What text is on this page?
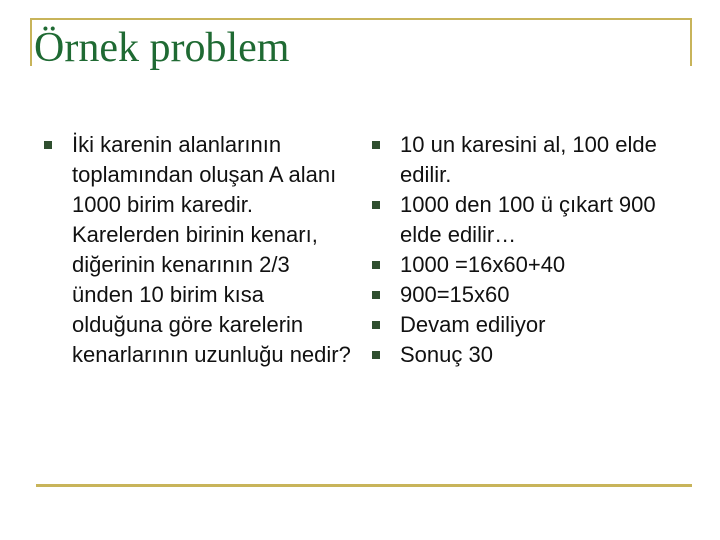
Örnek problem
İki karenin alanlarının toplamından oluşan A alanı 1000 birim karedir. Karelerden birinin kenarı, diğerinin kenarının 2/3 ünden 10 birim kısa olduğuna göre karelerin kenarlarının uzunluğu nedir?
10 un karesini al, 100 elde edilir.
1000 den 100 ü çıkart 900 elde edilir…
1000 =16x60+40
900=15x60
Devam ediliyor
Sonuç 30
